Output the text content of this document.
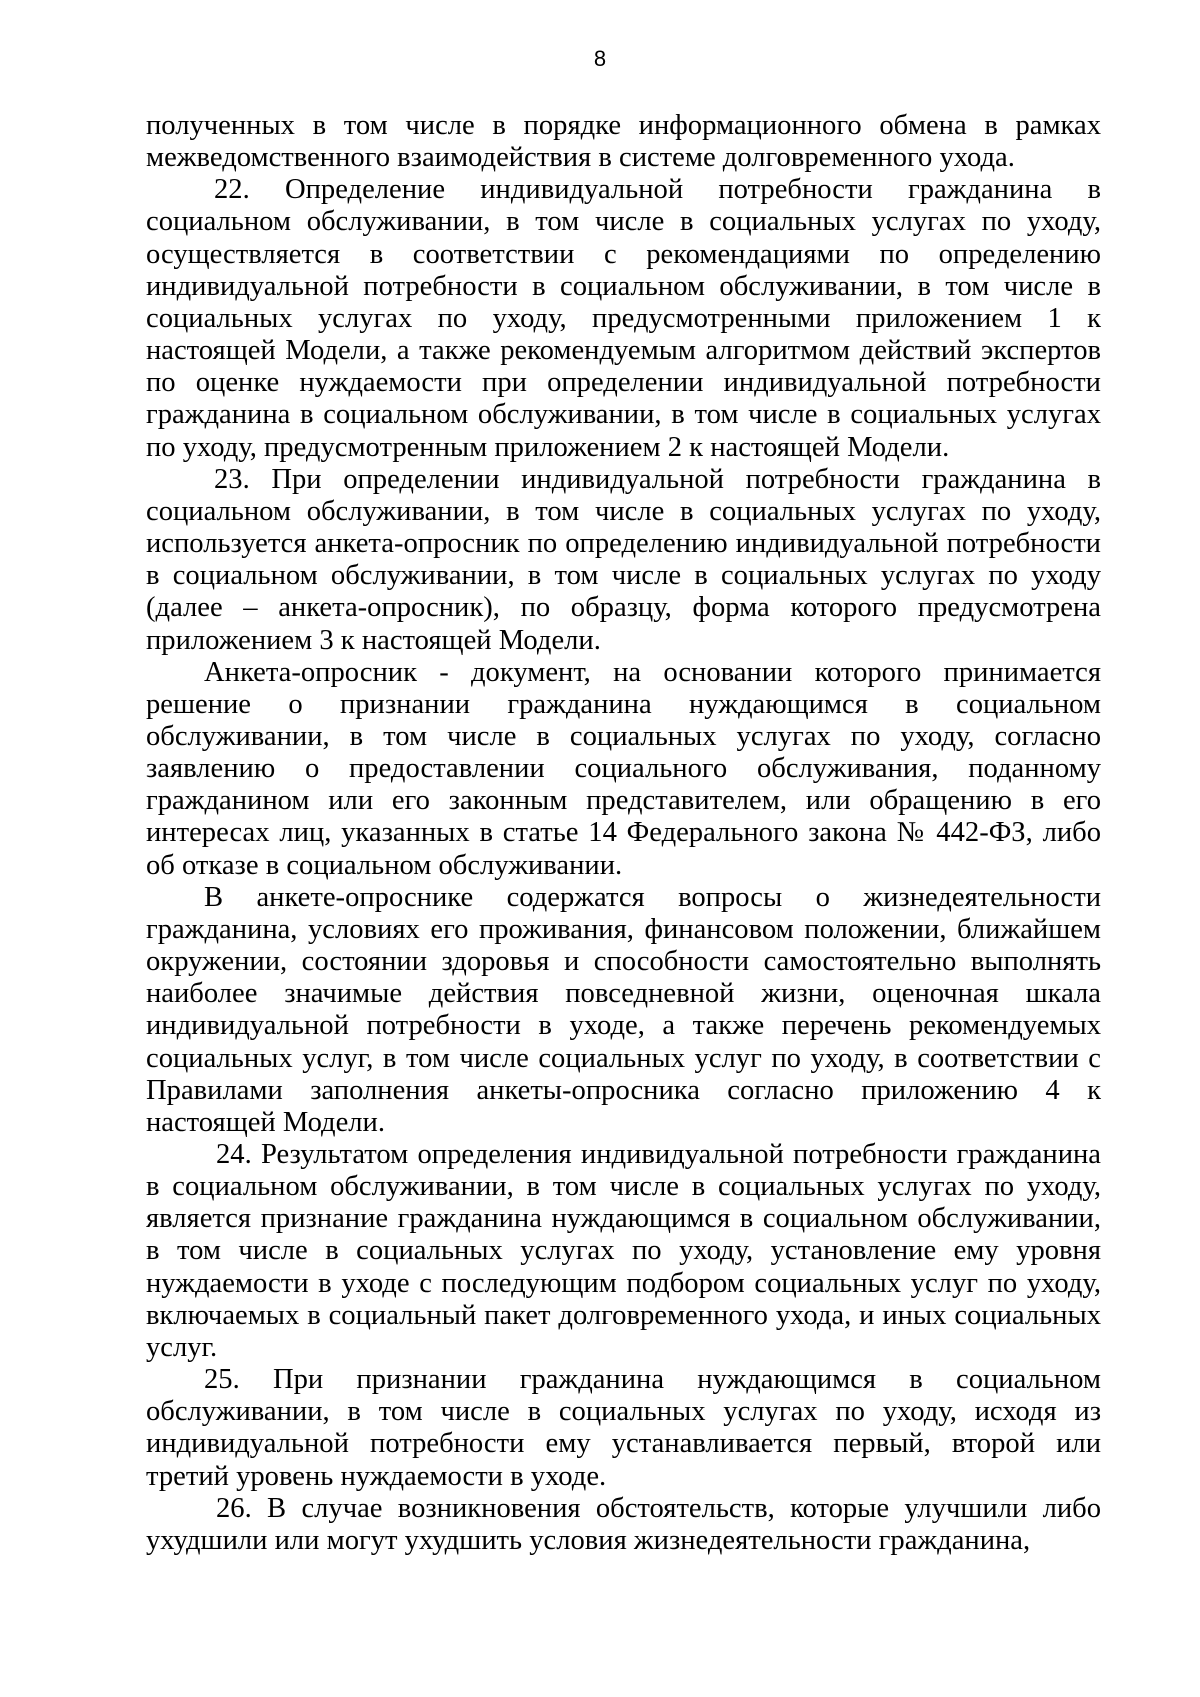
8

полученных в том числе в порядке информационного обмена в рамках межведомственного взаимодействия в системе долговременного ухода.

22. Определение индивидуальной потребности гражданина в социальном обслуживании, в том числе в социальных услугах по уходу, осуществляется в соответствии с рекомендациями по определению индивидуальной потребности в социальном обслуживании, в том числе в социальных услугах по уходу, предусмотренными приложением 1 к настоящей Модели, а также рекомендуемым алгоритмом действий экспертов по оценке нуждаемости при определении индивидуальной потребности гражданина в социальном обслуживании, в том числе в социальных услугах по уходу, предусмотренным приложением 2 к настоящей Модели.

23. При определении индивидуальной потребности гражданина в социальном обслуживании, в том числе в социальных услугах по уходу, используется анкета-опросник по определению индивидуальной потребности в социальном обслуживании, в том числе в социальных услугах по уходу (далее – анкета-опросник), по образцу, форма которого предусмотрена приложением 3 к настоящей Модели.

Анкета-опросник - документ, на основании которого принимается решение о признании гражданина нуждающимся в социальном обслуживании, в том числе в социальных услугах по уходу, согласно заявлению о предоставлении социального обслуживания, поданному гражданином или его законным представителем, или обращению в его интересах лиц, указанных в статье 14 Федерального закона № 442-ФЗ, либо об отказе в социальном обслуживании.

В анкете-опроснике содержатся вопросы о жизнедеятельности гражданина, условиях его проживания, финансовом положении, ближайшем окружении, состоянии здоровья и способности самостоятельно выполнять наиболее значимые действия повседневной жизни, оценочная шкала индивидуальной потребности в уходе, а также перечень рекомендуемых социальных услуг, в том числе социальных услуг по уходу, в соответствии с Правилами заполнения анкеты-опросника согласно приложению 4 к настоящей Модели.

24. Результатом определения индивидуальной потребности гражданина в социальном обслуживании, в том числе в социальных услугах по уходу, является признание гражданина нуждающимся в социальном обслуживании, в том числе в социальных услугах по уходу, установление ему уровня нуждаемости в уходе с последующим подбором социальных услуг по уходу, включаемых в социальный пакет долговременного ухода, и иных социальных услуг.

25. При признании гражданина нуждающимся в социальном обслуживании, в том числе в социальных услугах по уходу, исходя из индивидуальной потребности ему устанавливается первый, второй или третий уровень нуждаемости в уходе.

26. В случае возникновения обстоятельств, которые улучшили либо ухудшили или могут ухудшить условия жизнедеятельности гражданина,
